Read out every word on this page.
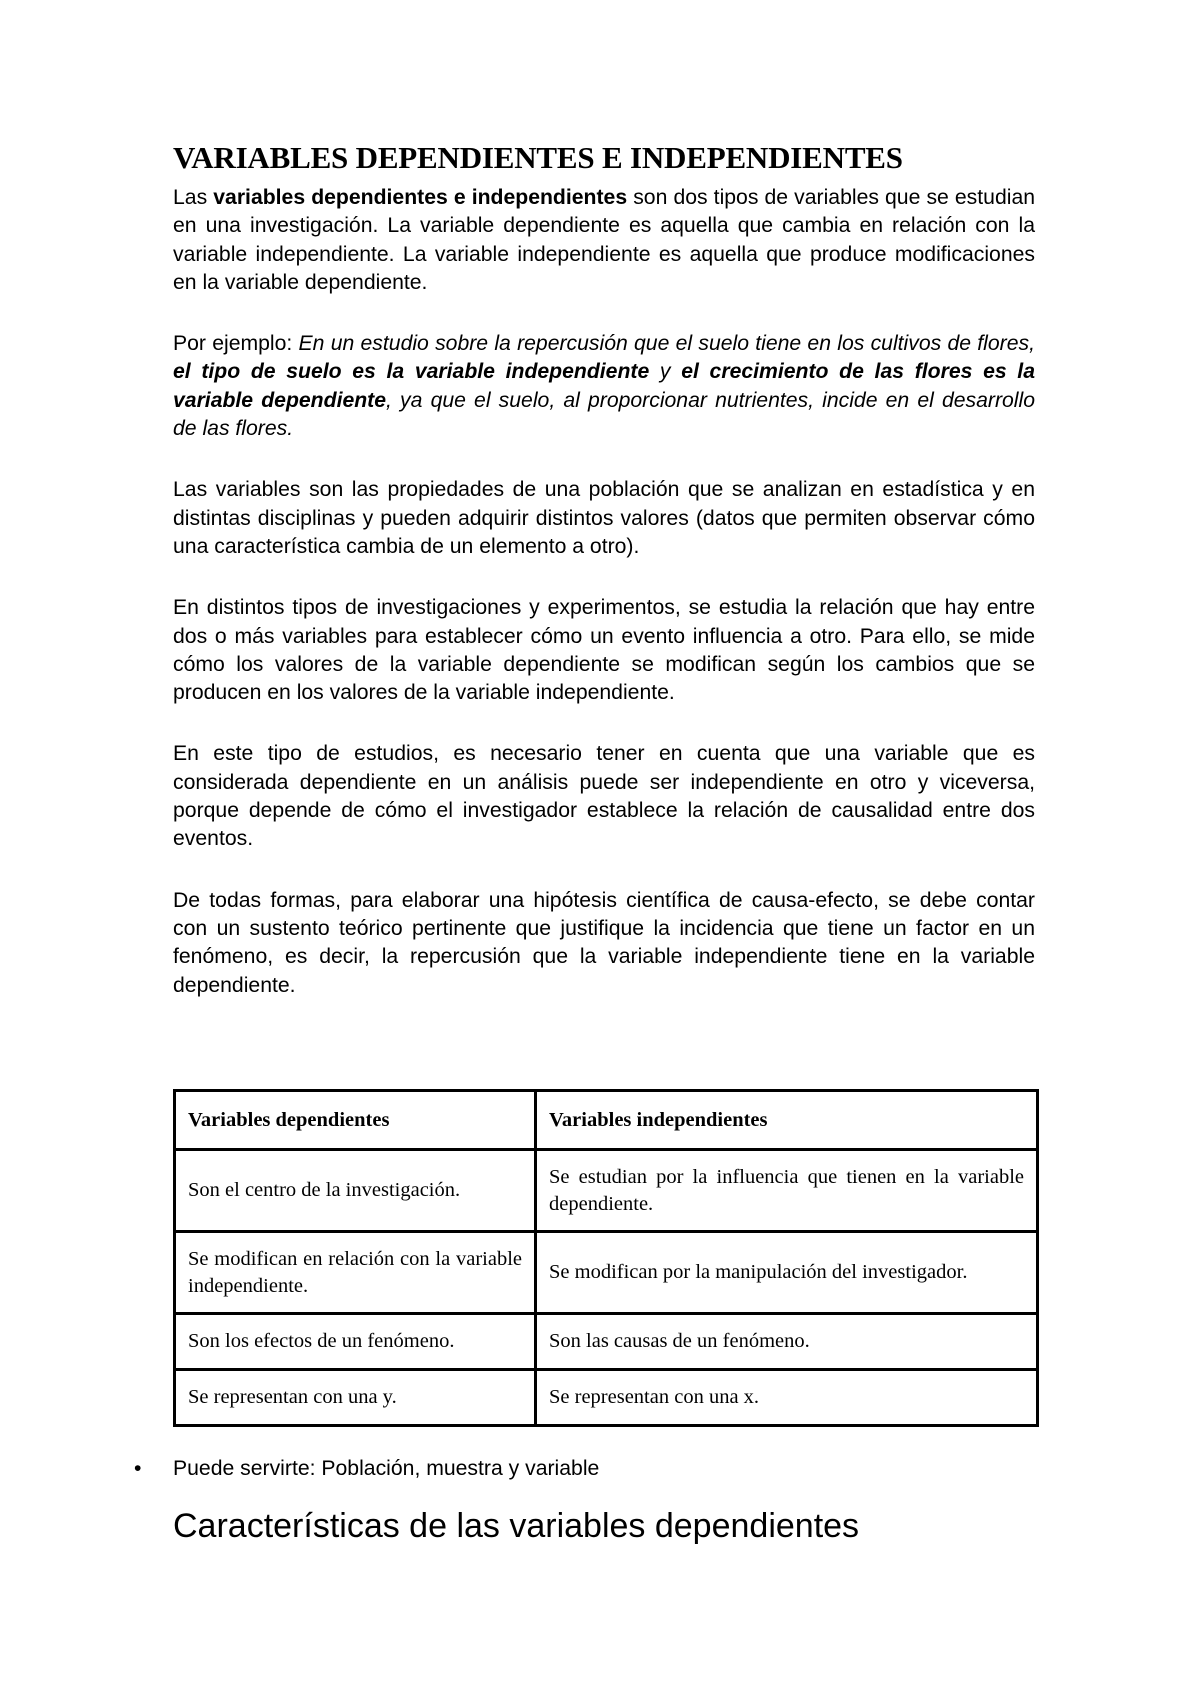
VARIABLES DEPENDIENTES E INDEPENDIENTES

Las variables dependientes e independientes son dos tipos de variables que se estudian en una investigación. La variable dependiente es aquella que cambia en relación con la variable independiente. La variable independiente es aquella que produce modificaciones en la variable dependiente.

Por ejemplo: En un estudio sobre la repercusión que el suelo tiene en los cultivos de flores, el tipo de suelo es la variable independiente y el crecimiento de las flores es la variable dependiente, ya que el suelo, al proporcionar nutrientes, incide en el desarrollo de las flores.

Las variables son las propiedades de una población que se analizan en estadística y en distintas disciplinas y pueden adquirir distintos valores (datos que permiten observar cómo una característica cambia de un elemento a otro).

En distintos tipos de investigaciones y experimentos, se estudia la relación que hay entre dos o más variables para establecer cómo un evento influencia a otro. Para ello, se mide cómo los valores de la variable dependiente se modifican según los cambios que se producen en los valores de la variable independiente.

En este tipo de estudios, es necesario tener en cuenta que una variable que es considerada dependiente en un análisis puede ser independiente en otro y viceversa, porque depende de cómo el investigador establece la relación de causalidad entre dos eventos.

De todas formas, para elaborar una hipótesis científica de causa-efecto, se debe contar con un sustento teórico pertinente que justifique la incidencia que tiene un factor en un fenómeno, es decir, la repercusión que la variable independiente tiene en la variable dependiente.

Variables dependientes	Variables independientes
Son el centro de la investigación.	Se estudian por la influencia que tienen en la variable dependiente.
Se modifican en relación con la variable independiente.	Se modifican por la manipulación del investigador.
Son los efectos de un fenómeno.	Son las causas de un fenómeno.
Se representan con una y.	Se representan con una x.
•	Puede servirte: Población, muestra y variable
Características de las variables dependientes
